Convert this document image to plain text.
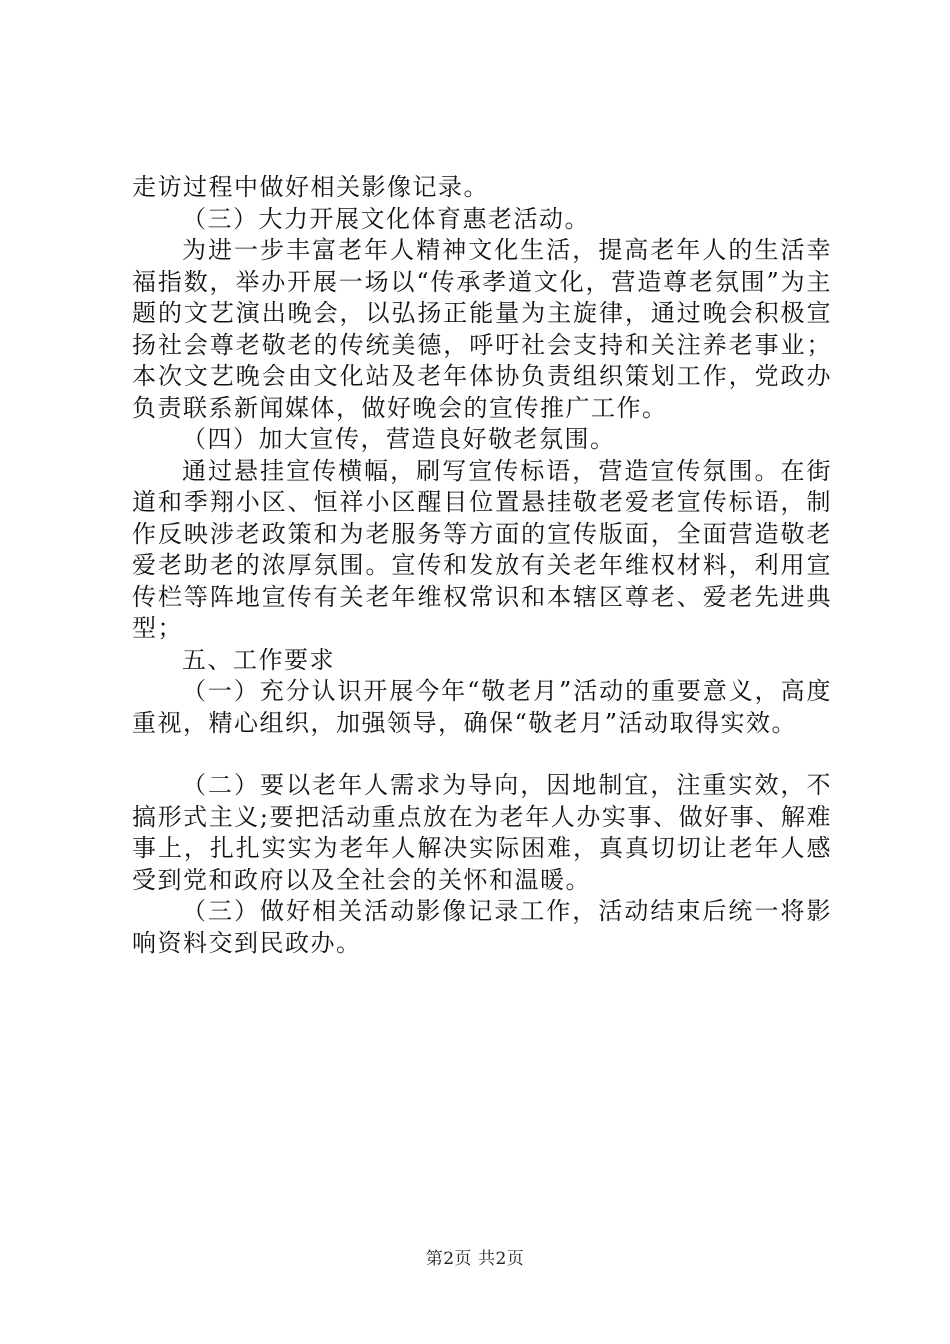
走访过程中做好相关影像记录。

（三）大力开展文化体育惠老活动。

为进一步丰富老年人精神文化生活，提高老年人的生活幸福指数，举办开展一场以“传承孝道文化，营造尊老氛围”为主题的文艺演出晚会，以弘扬正能量为主旋律，通过晚会积极宣扬社会尊老敬老的传统美德，呼吁社会支持和关注养老事业；本次文艺晚会由文化站及老年体协负责组织策划工作，党政办负责联系新闻媒体，做好晚会的宣传推广工作。

（四）加大宣传，营造良好敬老氛围。

通过悬挂宣传横幅，刷写宣传标语，营造宣传氛围。在街道和季翔小区、恒祥小区醒目位置悬挂敬老爱老宣传标语，制作反映涉老政策和为老服务等方面的宣传版面，全面营造敬老爱老助老的浓厚氛围。宣传和发放有关老年维权材料，利用宣传栏等阵地宣传有关老年维权常识和本辖区尊老、爱老先进典型；

五、工作要求

（一）充分认识开展今年“敬老月”活动的重要意义，高度重视，精心组织，加强领导，确保“敬老月”活动取得实效。

（二）要以老年人需求为导向，因地制宜，注重实效，不搞形式主义;要把活动重点放在为老年人办实事、做好事、解难事上，扎扎实实为老年人解决实际困难，真真切切让老年人感受到党和政府以及全社会的关怀和温暖。

（三）做好相关活动影像记录工作，活动结束后统一将影响资料交到民政办。

第2页 共2页
